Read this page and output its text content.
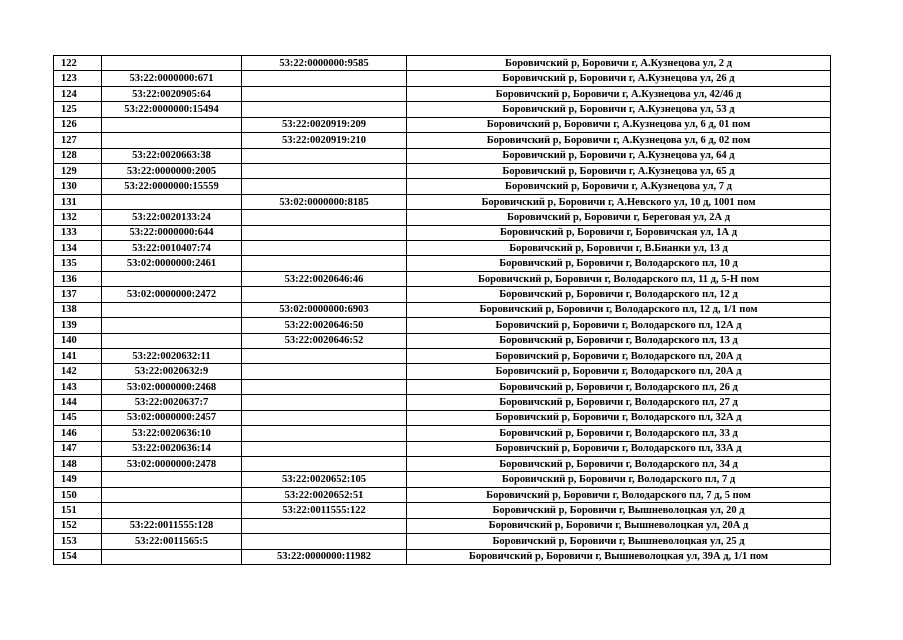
122		53:22:0000000:9585	Боровичский р, Боровичи г, А.Кузнецова ул, 2 д
123	53:22:0000000:671		Боровичский р, Боровичи г, А.Кузнецова ул, 26 д
124	53:22:0020905:64		Боровичский р, Боровичи г, А.Кузнецова ул, 42/46 д
125	53:22:0000000:15494		Боровичский р, Боровичи г, А.Кузнецова ул, 53 д
126		53:22:0020919:209	Боровичский р, Боровичи г, А.Кузнецова ул, 6 д, 01 пом
127		53:22:0020919:210	Боровичский р, Боровичи г, А.Кузнецова ул, 6 д, 02 пом
128	53:22:0020663:38		Боровичский р, Боровичи г, А.Кузнецова ул, 64 д
129	53:22:0000000:2005		Боровичский р, Боровичи г, А.Кузнецова ул, 65 д
130	53:22:0000000:15559		Боровичский р, Боровичи г, А.Кузнецова ул, 7 д
131		53:02:0000000:8185	Боровичский р, Боровичи г, А.Невского ул, 10 д, 1001 пом
132	53:22:0020133:24		Боровичский р, Боровичи г, Береговая ул, 2А д
133	53:22:0000000:644		Боровичский р, Боровичи г, Боровичская ул, 1А д
134	53:22:0010407:74		Боровичский р, Боровичи г, В.Бианки ул, 13 д
135	53:02:0000000:2461		Боровичский р, Боровичи г, Володарского пл, 10 д
136		53:22:0020646:46	Боровичский р, Боровичи г, Володарского пл, 11 д, 5-Н пом
137	53:02:0000000:2472		Боровичский р, Боровичи г, Володарского пл, 12 д
138		53:02:0000000:6903	Боровичский р, Боровичи г, Володарского пл, 12 д, 1/1 пом
139		53:22:0020646:50	Боровичский р, Боровичи г, Володарского пл, 12А д
140		53:22:0020646:52	Боровичский р, Боровичи г, Володарского пл, 13 д
141	53:22:0020632:11		Боровичский р, Боровичи г, Володарского пл, 20А д
142	53:22:0020632:9		Боровичский р, Боровичи г, Володарского пл, 20А д
143	53:02:0000000:2468		Боровичский р, Боровичи г, Володарского пл, 26 д
144	53:22:0020637:7		Боровичский р, Боровичи г, Володарского пл, 27 д
145	53:02:0000000:2457		Боровичский р, Боровичи г, Володарского пл, 32А д
146	53:22:0020636:10		Боровичский р, Боровичи г, Володарского пл, 33 д
147	53:22:0020636:14		Боровичский р, Боровичи г, Володарского пл, 33А д
148	53:02:0000000:2478		Боровичский р, Боровичи г, Володарского пл, 34 д
149		53:22:0020652:105	Боровичский р, Боровичи г, Володарского пл, 7 д
150		53:22:0020652:51	Боровичский р, Боровичи г, Володарского пл, 7 д, 5 пом
151		53:22:0011555:122	Боровичский р, Боровичи г, Вышневолоцкая ул, 20 д
152	53:22:0011555:128		Боровичский р, Боровичи г, Вышневолоцкая ул, 20А д
153	53:22:0011565:5		Боровичский р, Боровичи г, Вышневолоцкая ул, 25 д
154		53:22:0000000:11982	Боровичский р, Боровичи г, Вышневолоцкая ул, 39А д, 1/1 пом
